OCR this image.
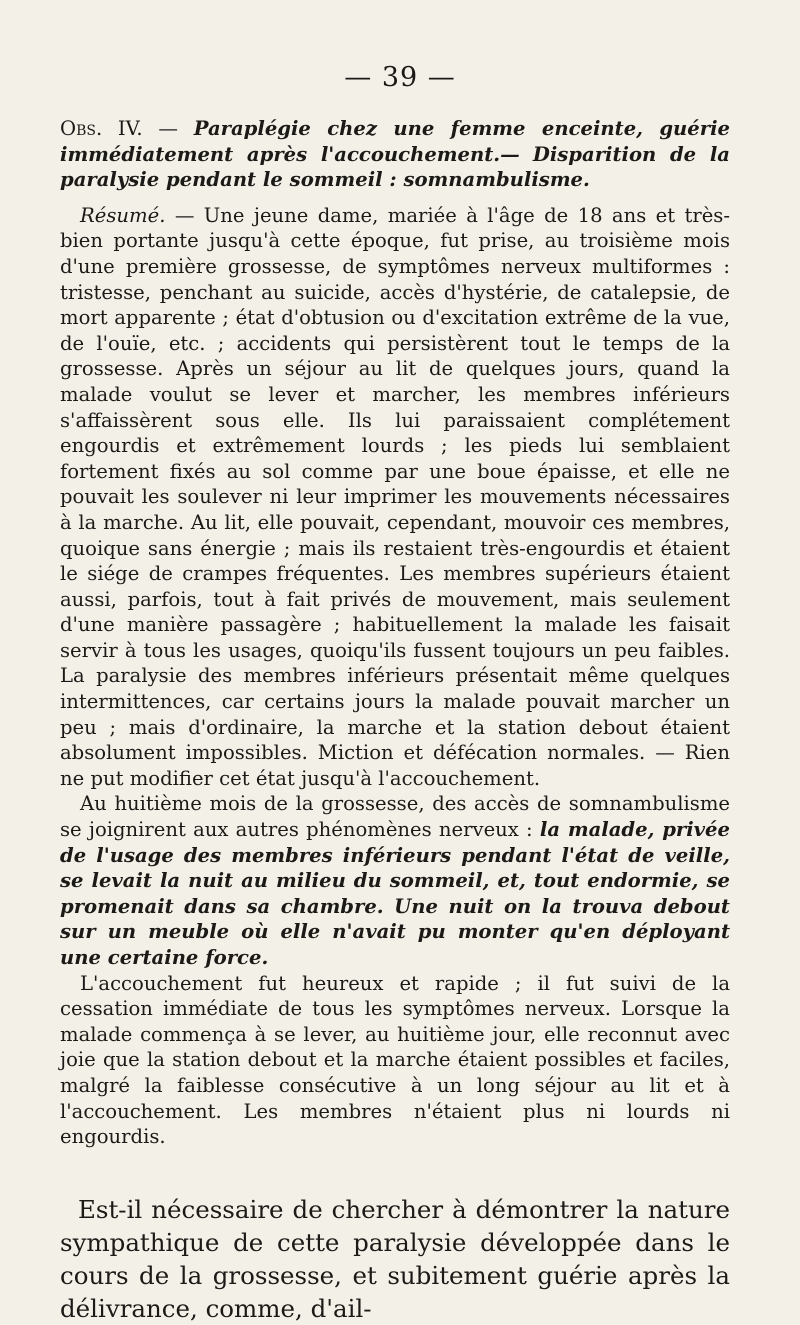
— 39 —

Obs. IV. — Paraplégie chez une femme enceinte, guérie immédiatement après l'accouchement.— Disparition de la paralysie pendant le sommeil : somnambulisme.

Résumé. — Une jeune dame, mariée à l'âge de 18 ans et très-bien portante jusqu'à cette époque, fut prise, au troisième mois d'une première grossesse, de symptômes nerveux multiformes : tristesse, penchant au suicide, accès d'hystérie, de catalepsie, de mort apparente ; état d'obtusion ou d'excitation extrême de la vue, de l'ouïe, etc. ; accidents qui persistèrent tout le temps de la grossesse. Après un séjour au lit de quelques jours, quand la malade voulut se lever et marcher, les membres inférieurs s'affaissèrent sous elle. Ils lui paraissaient complétement engourdis et extrêmement lourds ; les pieds lui semblaient fortement fixés au sol comme par une boue épaisse, et elle ne pouvait les soulever ni leur imprimer les mouvements nécessaires à la marche. Au lit, elle pouvait, cependant, mouvoir ces membres, quoique sans énergie ; mais ils restaient très-engourdis et étaient le siége de crampes fréquentes. Les membres supérieurs étaient aussi, parfois, tout à fait privés de mouvement, mais seulement d'une manière passagère ; habituellement la malade les faisait servir à tous les usages, quoiqu'ils fussent toujours un peu faibles. La paralysie des membres inférieurs présentait même quelques intermittences, car certains jours la malade pouvait marcher un peu ; mais d'ordinaire, la marche et la station debout étaient absolument impossibles. Miction et défécation normales. — Rien ne put modifier cet état jusqu'à l'accouchement.

Au huitième mois de la grossesse, des accès de somnambulisme se joignirent aux autres phénomènes nerveux : la malade, privée de l'usage des membres inférieurs pendant l'état de veille, se levait la nuit au milieu du sommeil, et, tout endormie, se promenait dans sa chambre. Une nuit on la trouva debout sur un meuble où elle n'avait pu monter qu'en déployant une certaine force.

L'accouchement fut heureux et rapide ; il fut suivi de la cessation immédiate de tous les symptômes nerveux. Lorsque la malade commença à se lever, au huitième jour, elle reconnut avec joie que la station debout et la marche étaient possibles et faciles, malgré la faiblesse consécutive à un long séjour au lit et à l'accouchement. Les membres n'étaient plus ni lourds ni engourdis.

Est-il nécessaire de chercher à démontrer la nature sympathique de cette paralysie développée dans le cours de la grossesse, et subitement guérie après la délivrance, comme, d'ail-
